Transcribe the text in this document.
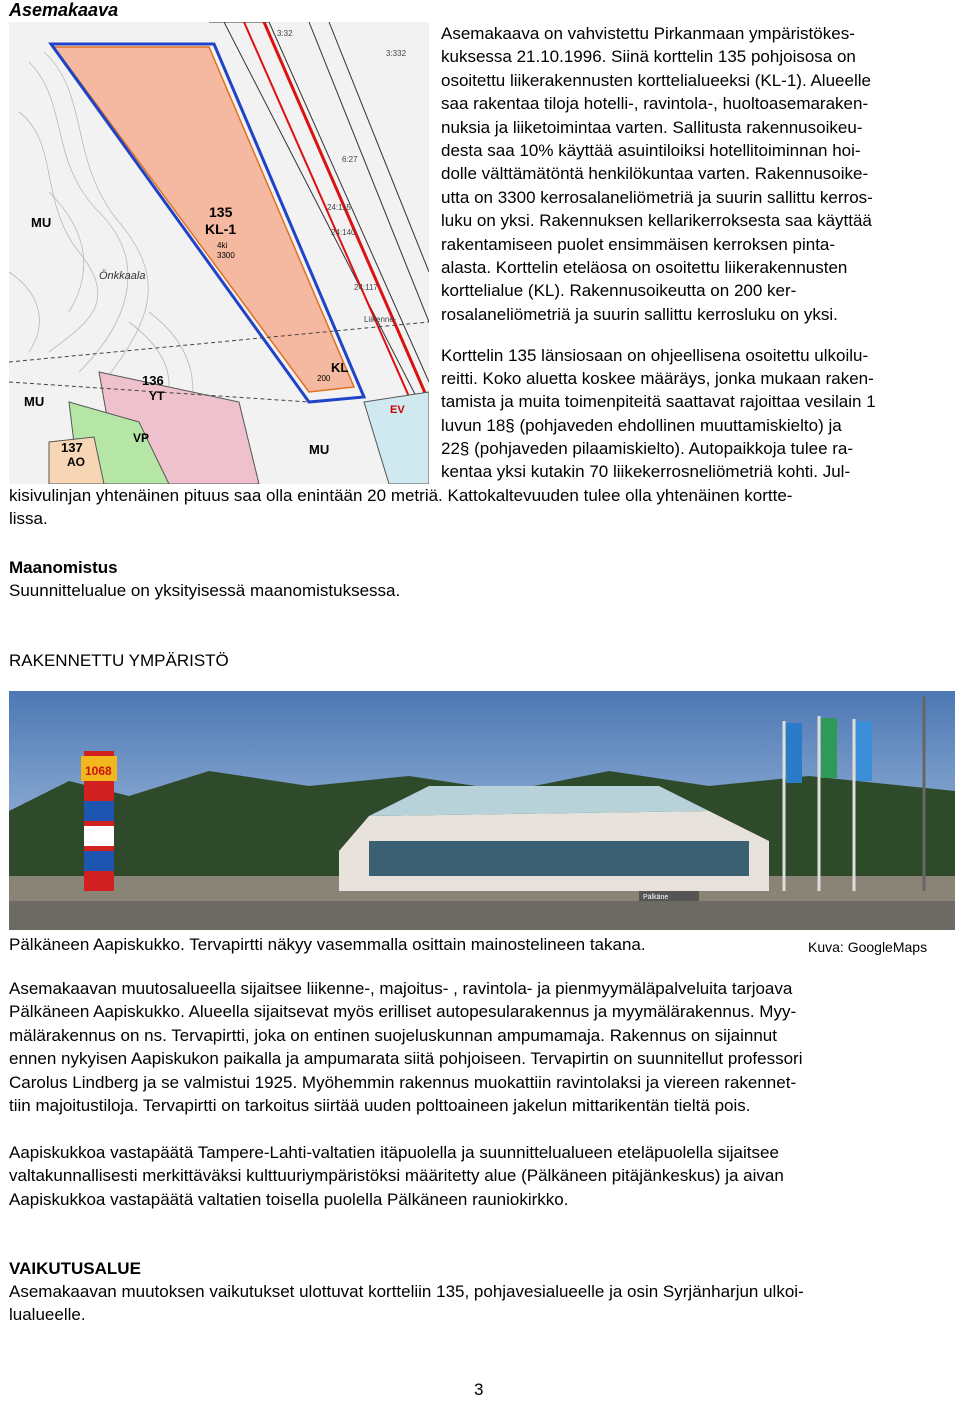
Asemakaava
MU
135
KL-1
4ki
3300
Önkkaala
KL
200
136
YT
MU
VP
137
AO
MU
EV
3:32
3:332
6:27
24:115
24:140
24:117
Liikenne-
Asemakaava on vahvistettu Pirkanmaan ympäristökes-
kuksessa 21.10.1996. Siinä korttelin 135 pohjoisosa on
osoitettu liikerakennusten korttelialueeksi (KL-1). Alueelle
saa rakentaa tiloja hotelli-, ravintola-, huoltoasemaraken-
nuksia ja liiketoimintaa varten. Sallitusta rakennusoikeu-
desta saa 10% käyttää asuintiloiksi hotellitoiminnan hoi-
dolle välttämätöntä henkilökuntaa varten. Rakennusoike-
utta on 3300 kerrosalaneliömetriä ja suurin sallittu kerros-
luku on yksi. Rakennuksen kellarikerroksesta saa käyttää
rakentamiseen puolet ensimmäisen kerroksen pinta-
alasta. Korttelin eteläosa on osoitettu liikerakennusten
korttelialue (KL). Rakennusoikeutta on 200 ker-
rosalaneliömetriä ja suurin sallittu kerrosluku on yksi.
Korttelin 135 länsiosaan on ohjeellisena osoitettu ulkoilu-
reitti. Koko aluetta koskee määräys, jonka mukaan raken-
tamista ja muita toimenpiteitä saattavat rajoittaa vesilain 1
luvun 18§ (pohjaveden ehdollinen muuttamiskielto) ja
22§ (pohjaveden pilaamiskielto). Autopaikkoja tulee ra-
kentaa yksi kutakin 70 liikekerrosneliömetriä kohti. Jul-
kisivulinjan yhtenäinen pituus saa olla enintään 20 metriä. Kattokaltevuuden tulee olla yhtenäinen kortte-
lissa.
Maanomistus
Suunnittelualue on yksityisessä maanomistuksessa.
RAKENNETTU YMPÄRISTÖ
1068
Pälkäne
Pälkäneen Aapiskukko. Tervapirtti näkyy vasemmalla osittain mainostelineen takana.	Kuva: GoogleMaps
Asemakaavan muutosalueella sijaitsee liikenne-, majoitus- , ravintola- ja pienmyymäläpalveluita tarjoava
Pälkäneen Aapiskukko. Alueella sijaitsevat myös erilliset autopesularakennus ja myymälärakennus. Myy-
mälärakennus on ns. Tervapirtti, joka on entinen suojeluskunnan ampumamaja. Rakennus on sijainnut
ennen nykyisen Aapiskukon paikalla ja ampumarata siitä pohjoiseen. Tervapirtin on suunnitellut professori
Carolus Lindberg ja se valmistui 1925. Myöhemmin rakennus muokattiin ravintolaksi ja viereen rakennet-
tiin majoitustiloja. Tervapirtti on tarkoitus siirtää uuden polttoaineen jakelun mittarikentän tieltä pois.
Aapiskukkoa vastapäätä Tampere-Lahti-valtatien itäpuolella ja suunnittelualueen eteläpuolella sijaitsee
valtakunnallisesti merkittäväksi kulttuuriympäristöksi määritetty alue (Pälkäneen pitäjänkeskus) ja aivan
Aapiskukkoa vastapäätä valtatien toisella puolella Pälkäneen rauniokirkko.
VAIKUTUSALUE
Asemakaavan muutoksen vaikutukset ulottuvat kortteliin 135, pohjavesialueelle ja osin Syrjänharjun ulkoi-
lualueelle.
3
